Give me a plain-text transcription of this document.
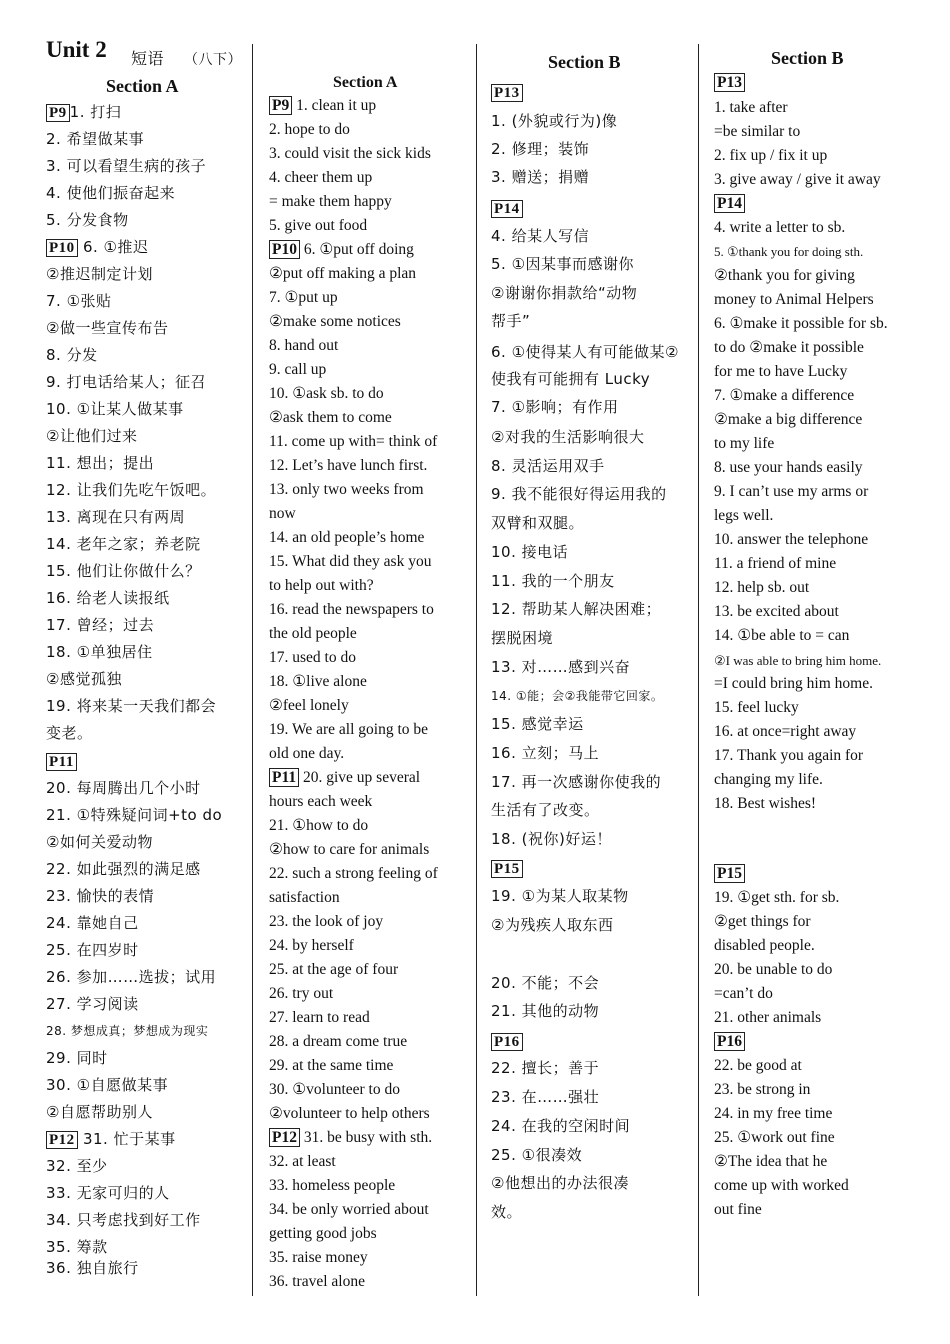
Unit 2 短语 （八下）
Section A
P9 1. 打扫
2. 希望做某事
3. 可以看望生病的孩子
4. 使他们振奋起来
5. 分发食物
P10 6. ①推迟
②推迟制定计划
7. ①张贴
②做一些宣传布告
8. 分发
9. 打电话给某人；征召
10. ①让某人做某事
②让他们过来
11. 想出；提出
12. 让我们先吃午饭吧。
13. 离现在只有两周
14. 老年之家；养老院
15. 他们让你做什么？
16. 给老人读报纸
17. 曾经；过去
18. ①单独居住
②感觉孤独
19. 将来某一天我们都会
变老。
P11
20. 每周腾出几个小时
21. ①特殊疑问词+to do
②如何关爱动物
22. 如此强烈的满足感
23. 愉快的表情
24. 靠她自己
25. 在四岁时
26. 参加……选拔；试用
27. 学习阅读
28. 梦想成真；梦想成为现实
29. 同时
30. ①自愿做某事
②自愿帮助别人
P12 31. 忙于某事
32. 至少
33. 无家可归的人
34. 只考虑找到好工作
35. 筹款
36. 独自旅行
Section A
P9 1. clean it up
2. hope to do
3. could visit the sick kids
4. cheer them up
= make them happy
5. give out food
P10 6. ①put off doing
②put off making a plan
7. ①put up
②make some notices
8. hand out
9. call up
10. ①ask sb. to do
②ask them to come
11. come up with= think of
12. Let’s have lunch first.
13. only two weeks from
now
14. an old people’s home
15. What did they ask you
to help out with?
16. read the newspapers to
the old people
17. used to do
18. ①live alone
②feel lonely
19. We are all going to be
old one day.
P11 20. give up several
hours each week
21. ①how to do
②how to care for animals
22. such a strong feeling of
satisfaction
23. the look of joy
24. by herself
25. at the age of four
26. try out
27. learn to read
28. a dream come true
29. at the same time
30. ①volunteer to do
②volunteer to help others
P12 31. be busy with sth.
32. at least
33. homeless people
34. be only worried about
getting good jobs
35. raise money
36. travel alone
Section B
P13
1. (外貌或行为)像
2. 修理；装饰
3. 赠送；捐赠
P14
4. 给某人写信
5. ①因某事而感谢你
②谢谢你捐款给“动物
帮手”
6. ①使得某人有可能做某②
使我有可能拥有 Lucky
7. ①影响；有作用
②对我的生活影响很大
8. 灵活运用双手
9. 我不能很好得运用我的
双臂和双腿。
10. 接电话
11. 我的一个朋友
12. 帮助某人解决困难；
摆脱困境
13. 对……感到兴奋
14. ①能；会②我能带它回家。
15. 感觉幸运
16. 立刻；马上
17. 再一次感谢你使我的
生活有了改变。
18. (祝你)好运！
P15
19. ①为某人取某物
②为残疾人取东西
20. 不能；不会
21. 其他的动物
P16
22. 擅长；善于
23. 在……强壮
24. 在我的空闲时间
25. ①很凑效
②他想出的办法很凑
效。
Section B
P13
1. take after
=be similar to
2. fix up / fix it up
3. give away / give it away
P14
4. write a letter to sb.
5. ①thank you for doing sth.
②thank you for giving
money to Animal Helpers
6. ①make it possible for sb.
to do ②make it possible
for me to have Lucky
7. ①make a difference
②make a big difference
to my life
8. use your hands easily
9. I can’t use my arms or
legs well.
10. answer the telephone
11. a friend of mine
12. help sb. out
13. be excited about
14. ①be able to = can
②I was able to bring him home.
=I could bring him home.
15. feel lucky
16. at once=right away
17. Thank you again for
changing my life.
18. Best wishes!
P15
19. ①get sth. for sb.
②get things for
disabled people.
20. be unable to do
=can’t do
21. other animals
P16
22. be good at
23. be strong in
24. in my free time
25. ①work out fine
②The idea that he
come up with worked
out fine
